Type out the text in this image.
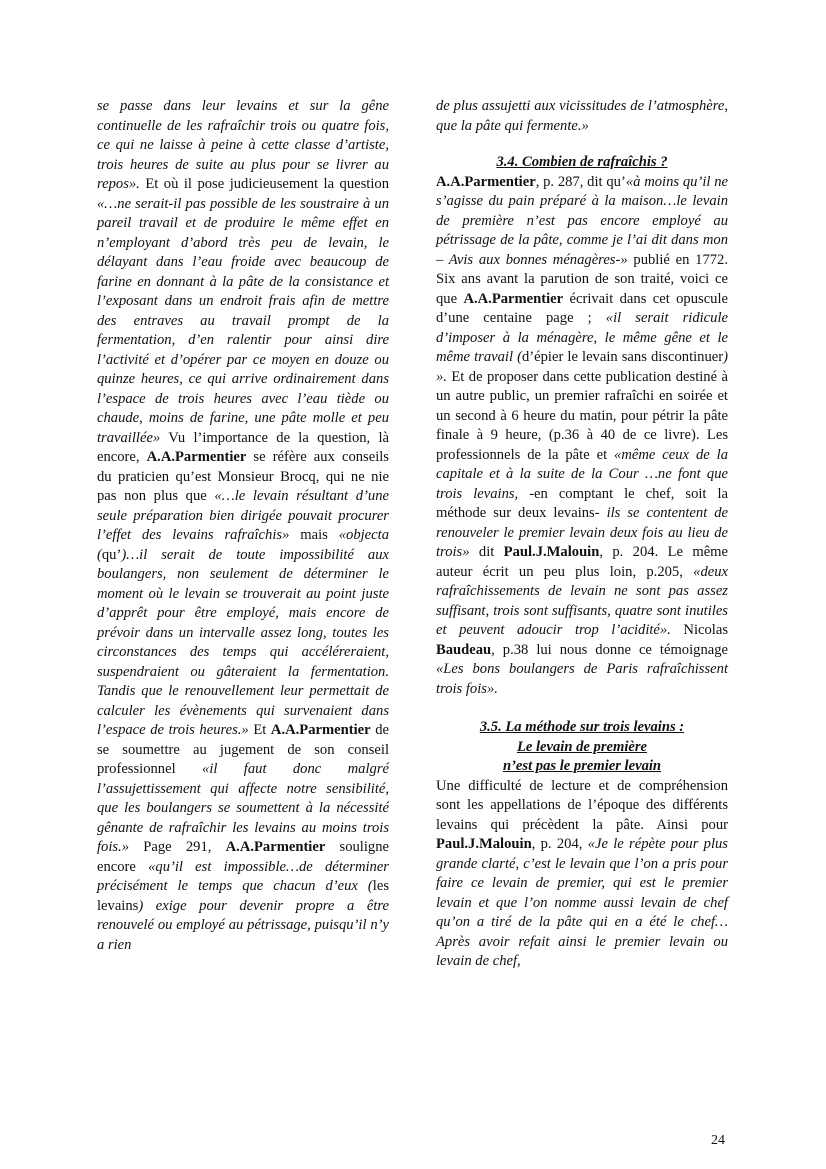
se passe dans leur levains et sur la gêne continuelle de les rafraîchir trois ou quatre fois, ce qui ne laisse à peine à cette classe d’artiste, trois heures de suite au plus pour se livrer au repos». Et où il pose judicieusement la question «…ne serait-il pas possible de les soustraire à un pareil travail et de produire le même effet en n’employant d’abord très peu de levain, le délayant dans l’eau froide avec beaucoup de farine en donnant à la pâte de la consistance et l’exposant dans un endroit frais afin de mettre des entraves au travail prompt de la fermentation, d’en ralentir pour ainsi dire l’activité et d’opérer par ce moyen en douze ou quinze heures, ce qui arrive ordinairement dans l’espace de trois heures avec l’eau tiède ou chaude, moins de farine, une pâte molle et peu travaillée» Vu l’importance de la question, là encore, A.A.Parmentier se réfère aux conseils du praticien qu’est Monsieur Brocq, qui ne nie pas non plus que «…le levain résultant d’une seule préparation bien dirigée pouvait procurer l’effet des levains rafraîchis» mais «objecta (qu’)…il serait de toute impossibilité aux boulangers, non seulement de déterminer le moment où le levain se trouverait au point juste d’apprêt pour être employé, mais encore de prévoir dans un intervalle assez long, toutes les circonstances des temps qui accéléreraient, suspendraient ou gâteraient la fermentation. Tandis que le renouvellement leur permettait de calculer les évènements qui survenaient dans l’espace de trois heures.» Et A.A.Parmentier de se soumettre au jugement de son conseil professionnel «il faut donc malgré l’assujettissement qui affecte notre sensibilité, que les boulangers se soumettent à la nécessité gênante de rafraîchir les levains au moins trois fois.» Page 291, A.A.Parmentier souligne encore «qu’il est impossible…de déterminer précisément le temps que chacun d’eux (les levains) exige pour devenir propre a être renouvelé ou employé au pétrissage, puisqu’il n’y a rien

de plus assujetti aux vicissitudes de l’atmosphère, que la pâte qui fermente.»

3.4. Combien de rafraîchis ?

A.A.Parmentier, p. 287, dit qu’«à moins qu’il ne s’agisse du pain préparé à la maison…le levain de première n’est pas encore employé au pétrissage de la pâte, comme je l’ai dit dans mon – Avis aux bonnes ménagères-» publié en 1772. Six ans avant la parution de son traité, voici ce que A.A.Parmentier écrivait dans cet opuscule d’une centaine page ; «il serait ridicule d’imposer à la ménagère, le même gêne et le même travail (d’épier le levain sans discontinuer) ». Et de proposer dans cette publication destiné à un autre public, un premier rafraîchi en soirée et un second à 6 heure du matin, pour pétrir la pâte finale à 9 heure, (p.36 à 40 de ce livre). Les professionnels de la pâte et «même ceux de la capitale et à la suite de la Cour …ne font que trois levains, -en comptant le chef, soit la méthode sur deux levains- ils se contentent de renouveler le premier levain deux fois au lieu de trois» dit Paul.J.Malouin, p. 204. Le même auteur écrit un peu plus loin, p.205, «deux rafraîchissements de levain ne sont pas assez suffisant, trois sont suffisants, quatre sont inutiles et peuvent adoucir trop l’acidité». Nicolas Baudeau, p.38 lui nous donne ce témoignage «Les bons boulangers de Paris rafraîchissent trois fois».

3.5. La méthode sur trois levains :

Le levain de première

n’est pas le premier levain

Une difficulté de lecture et de compréhension sont les appellations de l’époque des différents levains qui précèdent la pâte. Ainsi pour Paul.J.Malouin, p. 204, «Je le répète pour plus grande clarté, c’est le levain que l’on a pris pour faire ce levain de premier, qui est le premier levain et que l’on nomme aussi levain de chef qu’on a tiré de la pâte qui en a été le chef… Après avoir refait ainsi le premier levain ou levain de chef,

24
